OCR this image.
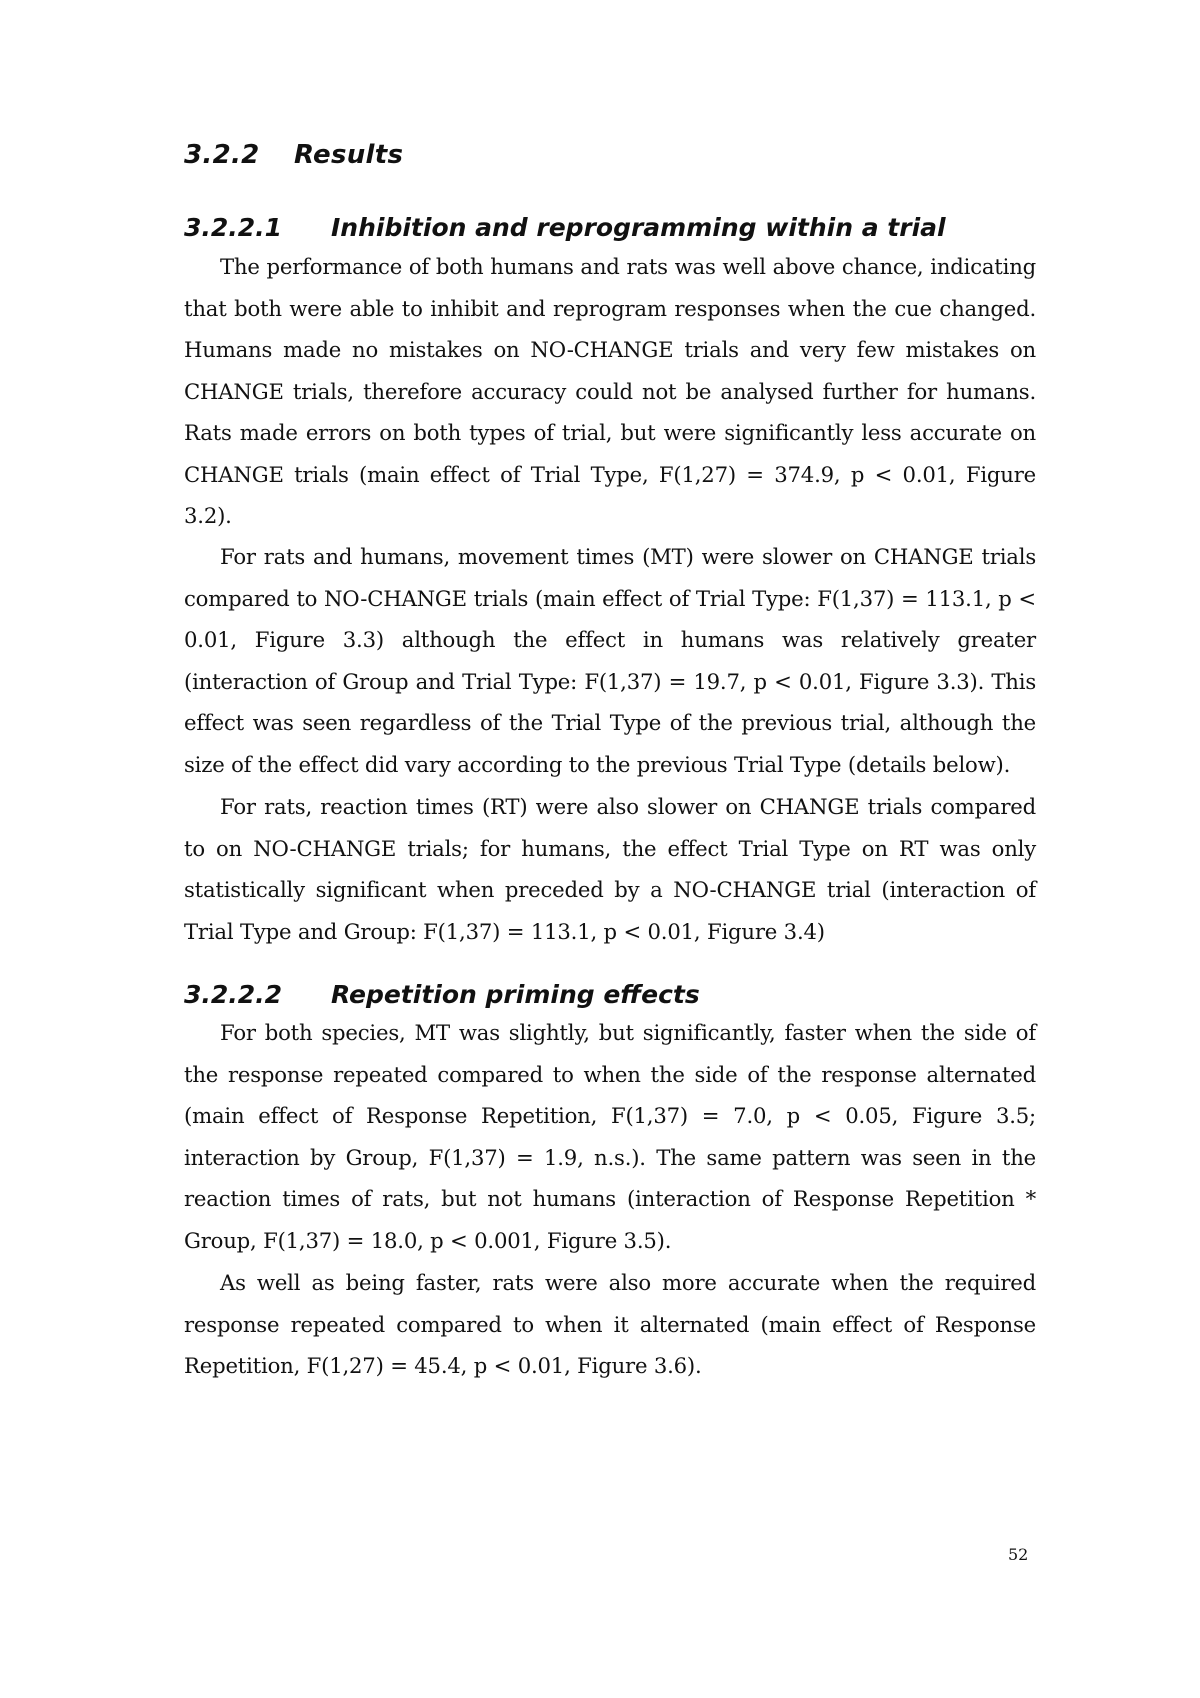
3.2.2 Results
3.2.2.1 Inhibition and reprogramming within a trial

The performance of both humans and rats was well above chance, indicating that both were able to inhibit and reprogram responses when the cue changed. Humans made no mistakes on NO-CHANGE trials and very few mistakes on CHANGE trials, therefore accuracy could not be analysed further for humans. Rats made errors on both types of trial, but were significantly less accurate on CHANGE trials (main effect of Trial Type, F(1,27) = 374.9, p < 0.01, Figure 3.2).

For rats and humans, movement times (MT) were slower on CHANGE trials compared to NO-CHANGE trials (main effect of Trial Type: F(1,37) = 113.1, p < 0.01, Figure 3.3) although the effect in humans was relatively greater (interaction of Group and Trial Type: F(1,37) = 19.7, p < 0.01, Figure 3.3). This effect was seen regardless of the Trial Type of the previous trial, although the size of the effect did vary according to the previous Trial Type (details below).

For rats, reaction times (RT) were also slower on CHANGE trials compared to on NO-CHANGE trials; for humans, the effect Trial Type on RT was only statistically significant when preceded by a NO-CHANGE trial (interaction of Trial Type and Group: F(1,37) = 113.1, p < 0.01, Figure 3.4)

3.2.2.2 Repetition priming effects

For both species, MT was slightly, but significantly, faster when the side of the response repeated compared to when the side of the response alternated (main effect of Response Repetition, F(1,37) = 7.0, p < 0.05, Figure 3.5; interaction by Group, F(1,37) = 1.9, n.s.). The same pattern was seen in the reaction times of rats, but not humans (interaction of Response Repetition * Group, F(1,37) = 18.0, p < 0.001, Figure 3.5).

As well as being faster, rats were also more accurate when the required response repeated compared to when it alternated (main effect of Response Repetition, F(1,27) = 45.4, p < 0.01, Figure 3.6).

52
